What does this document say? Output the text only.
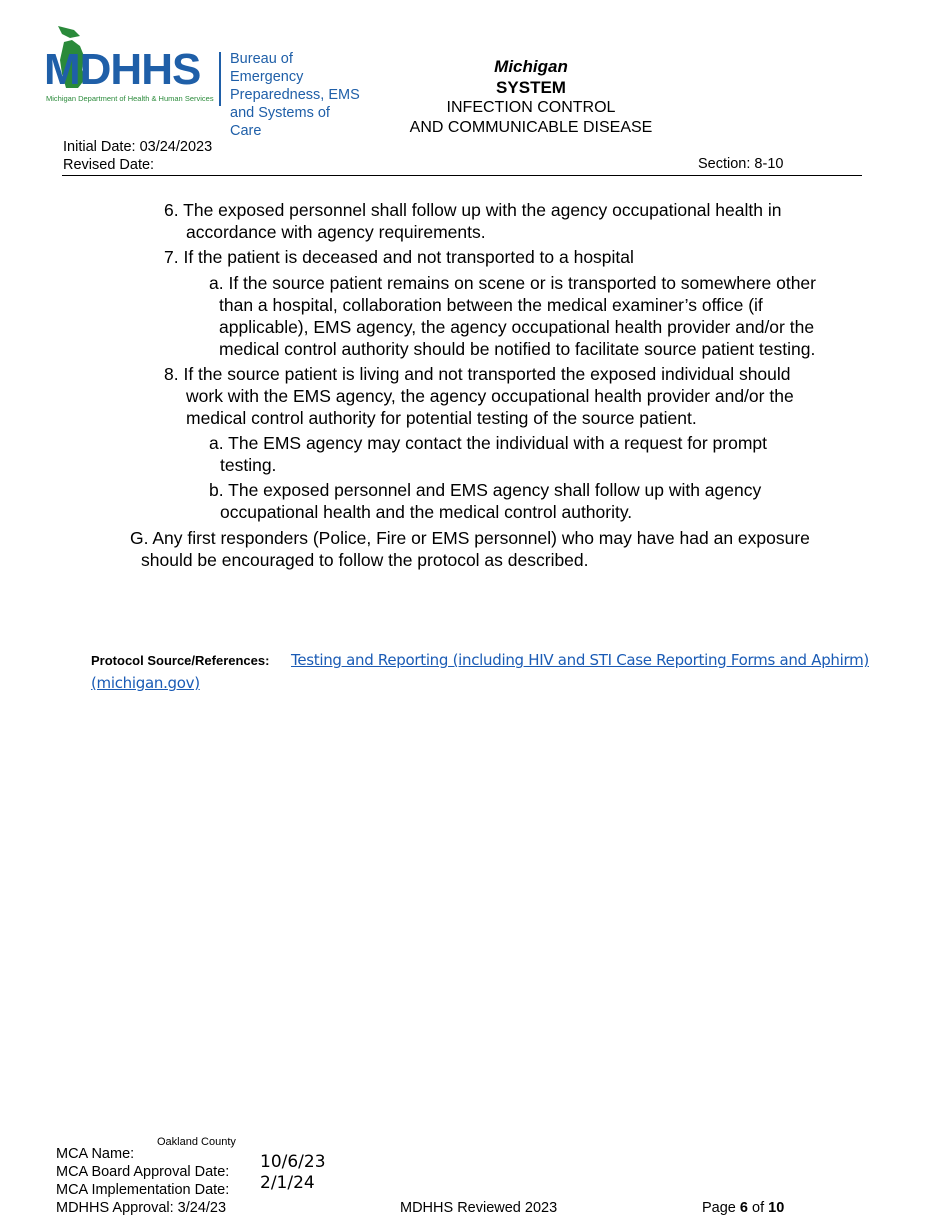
MDHHS
Michigan Department of Health & Human Services
Bureau of Emergency
Preparedness, EMS
and Systems of Care
Michigan
SYSTEM
INFECTION CONTROL
AND COMMUNICABLE DISEASE
Initial Date: 03/24/2023
Revised Date:	Section: 8-10
6. The exposed personnel shall follow up with the agency occupational health in
accordance with agency requirements.
7. If the patient is deceased and not transported to a hospital
a. If the source patient remains on scene or is transported to somewhere other
than a hospital, collaboration between the medical examiner’s office (if
applicable), EMS agency, the agency occupational health provider and/or the
medical control authority should be notified to facilitate source patient testing.
8. If the source patient is living and not transported the exposed individual should
work with the EMS agency, the agency occupational health provider and/or the
medical control authority for potential testing of the source patient.
a. The EMS agency may contact the individual with a request for prompt
testing.
b. The exposed personnel and EMS agency shall follow up with agency
occupational health and the medical control authority.
G. Any first responders (Police, Fire or EMS personnel) who may have had an exposure
should be encouraged to follow the protocol as described.
Protocol Source/References: Testing and Reporting (including HIV and STI Case Reporting Forms and Aphirm)
(michigan.gov)
Oakland County
MCA Name:
MCA Board Approval Date: 10/6/23
MCA Implementation Date: 2/1/24
MDHHS Approval: 3/24/23	MDHHS Reviewed 2023	Page 6 of 10
